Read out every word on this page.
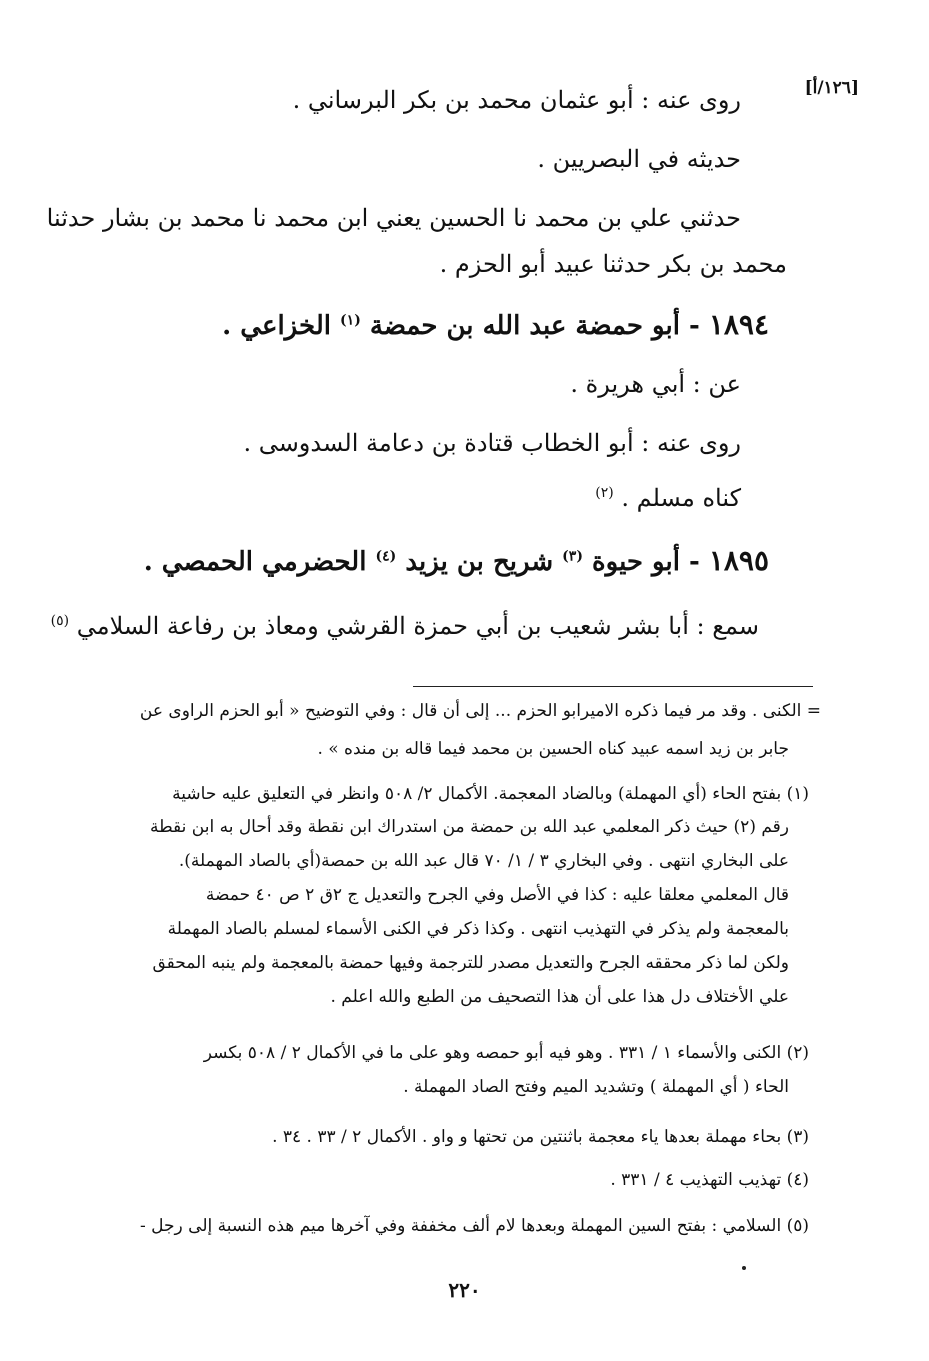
[١٢٦/أ]
روى عنه : أبو عثمان محمد بن بكر البرساني .
حديثه في البصريين .
حدثني علي بن محمد نا الحسين يعني ابن محمد نا محمد بن بشار حدثنا
محمد بن بكر حدثنا عبيد أبو الحزم .
١٨٩٤ - أبو حمضة عبد الله بن حمضة $^{(١)}$ الخزاعي .
عن : أبي هريرة .
روى عنه : أبو الخطاب قتادة بن دعامة السدوسى .
كناه مسلم . $^{(٢)}$
١٨٩٥ - أبو حيوة $^{(٣)}$ شريح بن يزيد $^{(٤)}$ الحضرمي الحمصي .
سمع : أبا بشر شعيب بن أبي حمزة القرشي ومعاذ بن رفاعة السلامي $^{(٥)}$
= الكنى . وقد مر فيما ذكره الاميرابو الحزم ... إلى أن قال : وفي التوضيح « أبو الحزم الراوى عن
جابر بن زيد اسمه عبيد كناه الحسين بن محمد فيما قاله بن منده » .
(١) بفتح الحاء (أي المهملة) وبالضاد المعجمة. الأكمال ٢/ ٥٠٨ وانظر في التعليق عليه حاشية
رقم (٢) حيث ذكر المعلمي عبد الله بن حمضة من استدراك ابن نقطة وقد أحال به ابن نقطة
على البخاري انتهى . وفي البخاري ٣ / ١/ ٧٠ قال عبد الله بن حمصة(أي بالصاد المهملة).
قال المعلمي معلقا عليه : كذا في الأصل وفي الجرح والتعديل ج ٢ق ٢ ص ٤٠ حمضة
بالمعجمة ولم يذكر في التهذيب انتهى . وكذا ذكر في الكنى الأسماء لمسلم بالصاد المهملة
ولكن لما ذكر محققه الجرح والتعديل مصدر للترجمة وفيها حمضة بالمعجمة ولم ينبه المحقق
علي الأختلاف دل هذا على أن هذا التصحيف من الطبع والله اعلم .
(٢) الكنى والأسماء ١ / ٣٣١ . وهو فيه أبو حمصه وهو على ما في الأكمال ٢ / ٥٠٨ بكسر
الحاء ( أي المهملة ) وتشديد الميم وفتح الصاد المهملة .
(٣) بحاء مهملة بعدها ياء معجمة باثنتين من تحتها و واو . الأكمال ٢ / ٣٣ . ٣٤ .
(٤) تهذيب التهذيب ٤ / ٣٣١ .
(٥) السلامي : بفتح السين المهملة وبعدها لام ألف مخففة وفي آخرها ميم هذه النسبة إلى رجل -
٢٢٠
